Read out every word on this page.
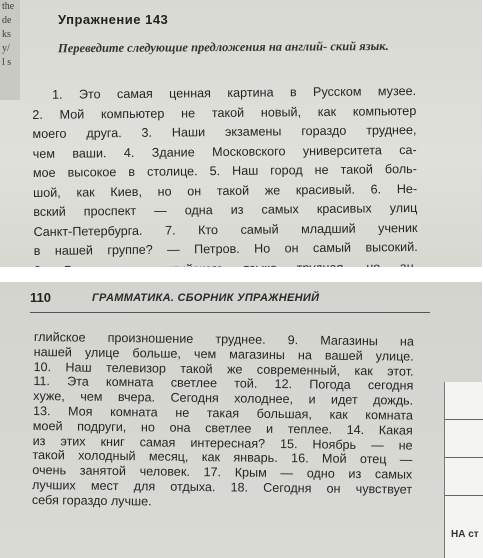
the
de
ks
y/
l s
Упражнение 143
Переведите следующие предложения на англий- ский язык.
1. Это самая ценная картина в Русском музее.
2. Мой компьютер не такой новый, как компьютер
моего друга. 3. Наши экзамены гораздо труднее,
чем ваши. 4. Здание Московского университета са-
мое высокое в столице. 5. Наш город не такой боль-
шой, как Киев, но он такой же красивый. 6. Не-
вский проспект — одна из самых красивых улиц
Санкт-Петербурга. 7. Кто самый младший ученик
в нашей группе? — Петров. Но он самый высокий.
110	ГРАММАТИКА. СБОРНИК УПРАЖНЕНИЙ
глийское произношение труднее. 9. Магазины на
нашей улице больше, чем магазины на вашей улице.
10. Наш телевизор такой же современный, как этот.
11. Эта комната светлее той. 12. Погода сегодня
хуже, чем вчера. Сегодня холоднее, и идет дождь.
13. Моя комната не такая большая, как комната
моей подруги, но она светлее и теплее. 14. Какая
из этих книг самая интересная? 15. Ноябрь — не
такой холодный месяц, как январь. 16. Мой отец —
очень занятой человек. 17. Крым — одно из самых
лучших мест для отдыха. 18. Сегодня он чувствует
себя гораздо лучше.
НА ст
